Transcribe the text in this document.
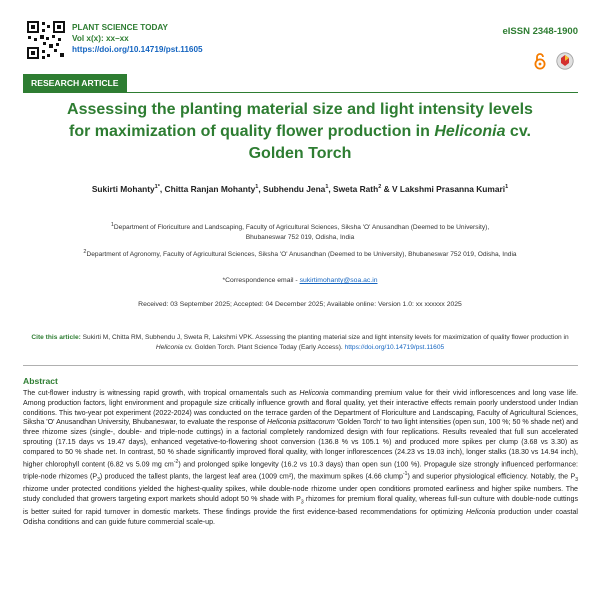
PLANT SCIENCE TODAY
Vol x(x): xx–xx
https://doi.org/10.14719/pst.11605
eISSN 2348-1900
RESEARCH ARTICLE
Assessing the planting material size and light intensity levels
for maximization of quality flower production in Heliconia cv.
Golden Torch
Sukirti Mohanty$^{1*}$, Chitta Ranjan Mohanty$^1$, Subhendu Jena$^1$, Sweta Rath$^2$ & V Lakshmi Prasanna Kumari$^1$
$^1$Department of Floriculture and Landscaping, Faculty of Agricultural Sciences, Siksha 'O' Anusandhan (Deemed to be University),
Bhubaneswar 752 019, Odisha, India
$^2$Department of Agronomy, Faculty of Agricultural Sciences, Siksha 'O' Anusandhan (Deemed to be University), Bhubaneswar 752 019, Odisha, India
*Correspondence email - sukirtimohanty@soa.ac.in
Received: 03 September 2025; Accepted: 04 December 2025; Available online: Version 1.0: xx xxxxxx 2025
Cite this article: Sukirti M, Chitta RM, Subhendu J, Sweta R, Lakshmi VPK. Assessing the planting material size and light intensity levels for maximization of quality flower production in Heliconia cv. Golden Torch. Plant Science Today (Early Access). https://doi.org/10.14719/pst.11605
Abstract

The cut-flower industry is witnessing rapid growth, with tropical ornamentals such as Heliconia commanding premium value for their vivid inflorescences and long vase life. Among production factors, light environment and propagule size critically influence growth and floral quality, yet their interactive effects remain poorly understood under Indian conditions. This two-year pot experiment (2022-2024) was conducted on the terrace garden of the Department of Floriculture and Landscaping, Faculty of Agricultural Sciences, Siksha 'O' Anusandhan University, Bhubaneswar, to evaluate the response of Heliconia psittacorum 'Golden Torch' to two light intensities (open sun, 100 %; 50 % shade net) and three rhizome sizes (single-, double- and triple-node cuttings) in a factorial completely randomized design with four replications. Results revealed that full sun accelerated sprouting (17.15 days vs 19.47 days), enhanced vegetative-to-flowering shoot conversion (136.8 % vs 105.1 %) and produced more spikes per clump (3.68 vs 3.30) as compared to 50 % shade net. In contrast, 50 % shade significantly improved floral quality, with longer inflorescences (24.23 vs 19.03 inch), longer stalks (18.30 vs 14.94 inch), higher chlorophyll content (6.82 vs 5.09 mg $cm^{-2}$) and prolonged spike longevity (16.2 vs 10.3 days) than open sun (100 %). Propagule size strongly influenced performance: triple-node rhizomes $(P_3)$ produced the tallest plants, the largest leaf area (1009 cm²), the maximum spikes (4.66 clump$^{-1}$) and superior physiological efficiency. Notably, the $P_3$ rhizome under protected conditions yielded the highest-quality spikes, while double-node rhizome under open conditions promoted earliness and higher spike numbers. The study concluded that growers targeting export markets should adopt 50 % shade with $P_3$ rhizomes for premium floral quality, whereas full-sun culture with double-node cuttings is better suited for rapid turnover in domestic markets. These findings provide the first evidence-based recommendations for optimizing Heliconia production under coastal Odisha conditions and can guide future commercial scale-up.
